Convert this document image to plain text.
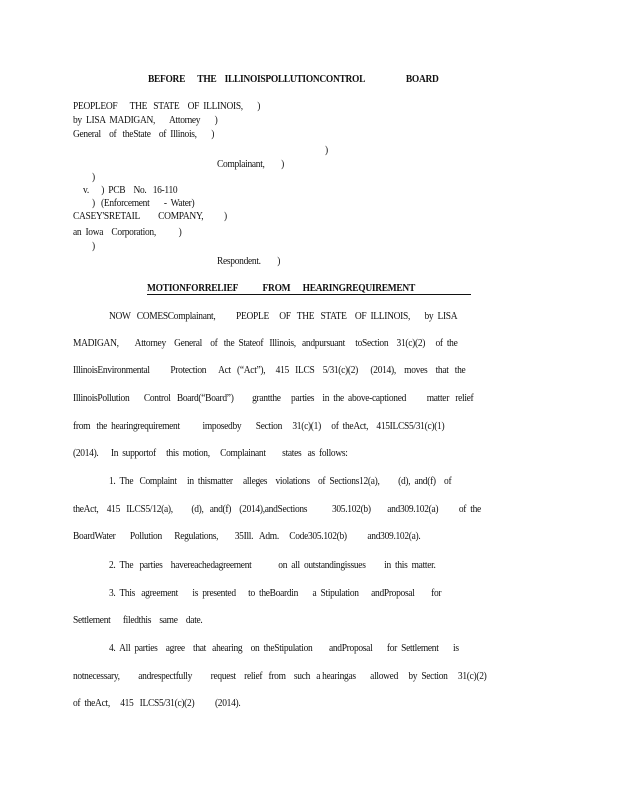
BEFORE      THE    ILLINOISPOLLUTIONCONTROL                    BOARD
PEOPLEOF      THE   STATE    OF  ILLINOIS,       )
by  LISA  MADIGAN,       Attorney       )
General    of   theState    of  Illinois,       )
)
Complainant,        )
)
v.      )  PCB    No.   16-110
)   (Enforcement       -  Water)
CASEY'SRETAIL         COMPANY,          )
an  Iowa    Corporation,           )
)
Respondent.        )
MOTIONFORRELIEF            FROM      HEARINGREQUIREMENT
NOW   COMESComplainant,          PEOPLE     OF   THE   STATE    OF  ILLINOIS,       by  LISA
MADIGAN,        Attorney    General    of   the  Stateof   Illinois,   andpursuant     toSection    31(c)(2)     of  the
IllinoisEnvironmental          Protection      Act   (“Act”),     415   ILCS    5/31(c)(2)      (2014),    moves    that   the
IllinoisPollution       Control   Board(“Board”)         grantthe     parties    in  the  above-captioned          matter   relief
from   the  hearingrequirement           imposedby       Section     31(c)(1)     of  theAct,    415ILCS5/31(c)(1)
(2014).      In  supportof     this  motion,     Complainant        states   as  follows:
1.  The   Complaint     in  thismatter     alleges    violations    of  Sections12(a),         (d),  and(f)    of
theAct,    415   ILCS5/12(a),         (d),   and(f)    (2014),andSections            305.102(b)        and309.102(a)          of  the
BoardWater       Pollution      Regulations,        35Ill.   Adm.     Code305.102(b)          and309.102(a).
2.  The   parties    havereachedagreement             on  all  outstandingissues         in  this  matter.
3.  This   agreement       is  presented      to  theBoardin       a  Stipulation      andProposal        for
Settlement      filedthis    same    date.
4.  All  parties    agree    that   ahearing    on  theStipulation        andProposal       for  Settlement       is
notnecessary,         andrespectfully         request    relief   from    such   a hearingas       allowed     by  Section     31(c)(2)
of  theAct,     415   ILCS5/31(c)(2)          (2014).
